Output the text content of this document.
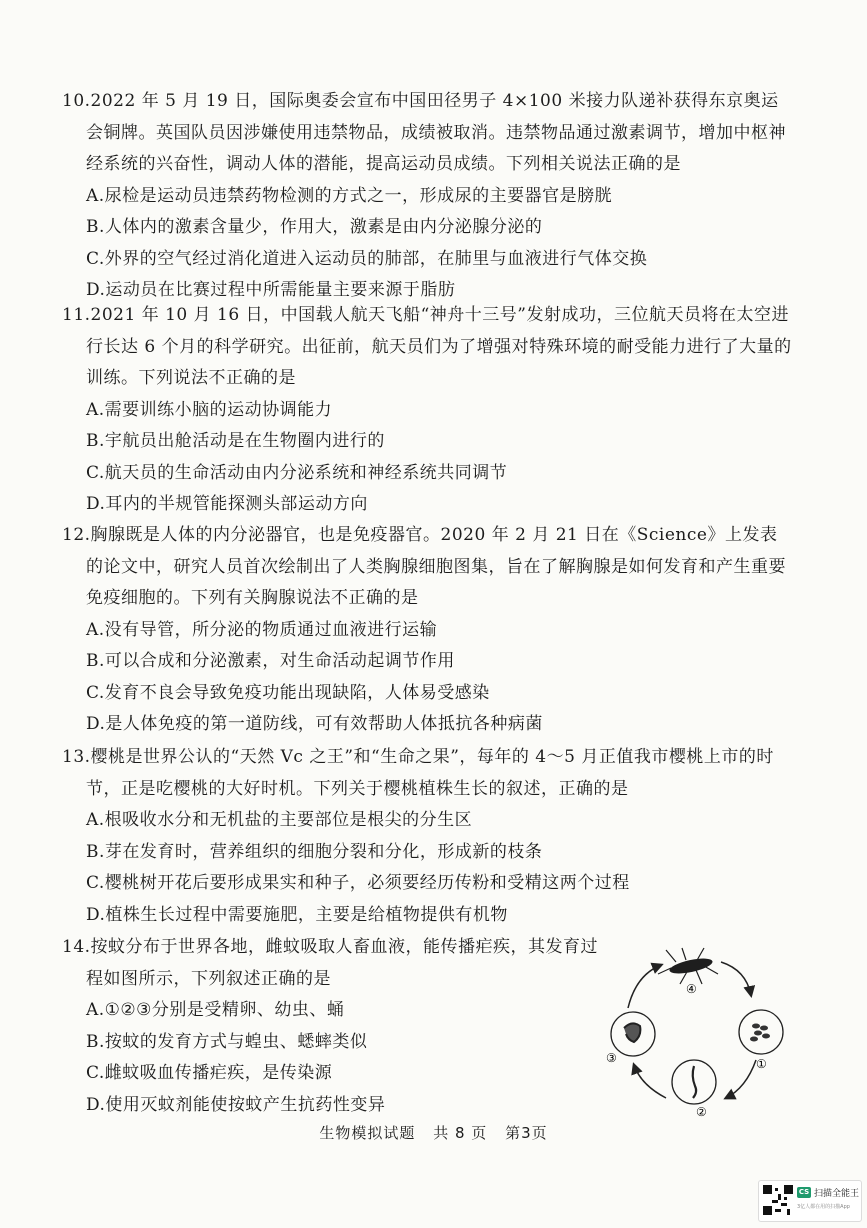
10.2022 年 5 月 19 日，国际奥委会宣布中国田径男子 4×100 米接力队递补获得东京奥运会铜牌。英国队员因涉嫌使用违禁物品，成绩被取消。违禁物品通过激素调节，增加中枢神经系统的兴奋性，调动人体的潜能，提高运动员成绩。下列相关说法正确的是
A.尿检是运动员违禁药物检测的方式之一，形成尿的主要器官是膀胱
B.人体内的激素含量少，作用大，激素是由内分泌腺分泌的
C.外界的空气经过消化道进入运动员的肺部，在肺里与血液进行气体交换
D.运动员在比赛过程中所需能量主要来源于脂肪
11.2021 年 10 月 16 日，中国载人航天飞船“神舟十三号”发射成功，三位航天员将在太空进行长达 6 个月的科学研究。出征前，航天员们为了增强对特殊环境的耐受能力进行了大量的训练。下列说法不正确的是
A.需要训练小脑的运动协调能力
B.宇航员出舱活动是在生物圈内进行的
C.航天员的生命活动由内分泌系统和神经系统共同调节
D.耳内的半规管能探测头部运动方向
12.胸腺既是人体的内分泌器官，也是免疫器官。2020 年 2 月 21 日在《Science》上发表的论文中，研究人员首次绘制出了人类胸腺细胞图集，旨在了解胸腺是如何发育和产生重要免疫细胞的。下列有关胸腺说法不正确的是
A.没有导管，所分泌的物质通过血液进行运输
B.可以合成和分泌激素，对生命活动起调节作用
C.发育不良会导致免疫功能出现缺陷，人体易受感染
D.是人体免疫的第一道防线，可有效帮助人体抵抗各种病菌
13.樱桃是世界公认的“天然 Vc 之王”和“生命之果”，每年的 4～5 月正值我市樱桃上市的时节，正是吃樱桃的大好时机。下列关于樱桃植株生长的叙述，正确的是
A.根吸收水分和无机盐的主要部位是根尖的分生区
B.芽在发育时，营养组织的细胞分裂和分化，形成新的枝条
C.樱桃树开花后要形成果实和种子，必须要经历传粉和受精这两个过程
D.植株生长过程中需要施肥，主要是给植物提供有机物
14.按蚊分布于世界各地，雌蚊吸取人畜血液，能传播疟疾，其发育过程如图所示，下列叙述正确的是
A.①②③分别是受精卵、幼虫、蛹
B.按蚊的发育方式与蝗虫、蟋蟀类似
C.雌蚊吸血传播疟疾，是传染源
D.使用灭蚊剂能使按蚊产生抗药性变异
④
①
②
③
生物模拟试题 共 8 页 第3页
CS 扫描全能王
3亿人都在用的扫描App
